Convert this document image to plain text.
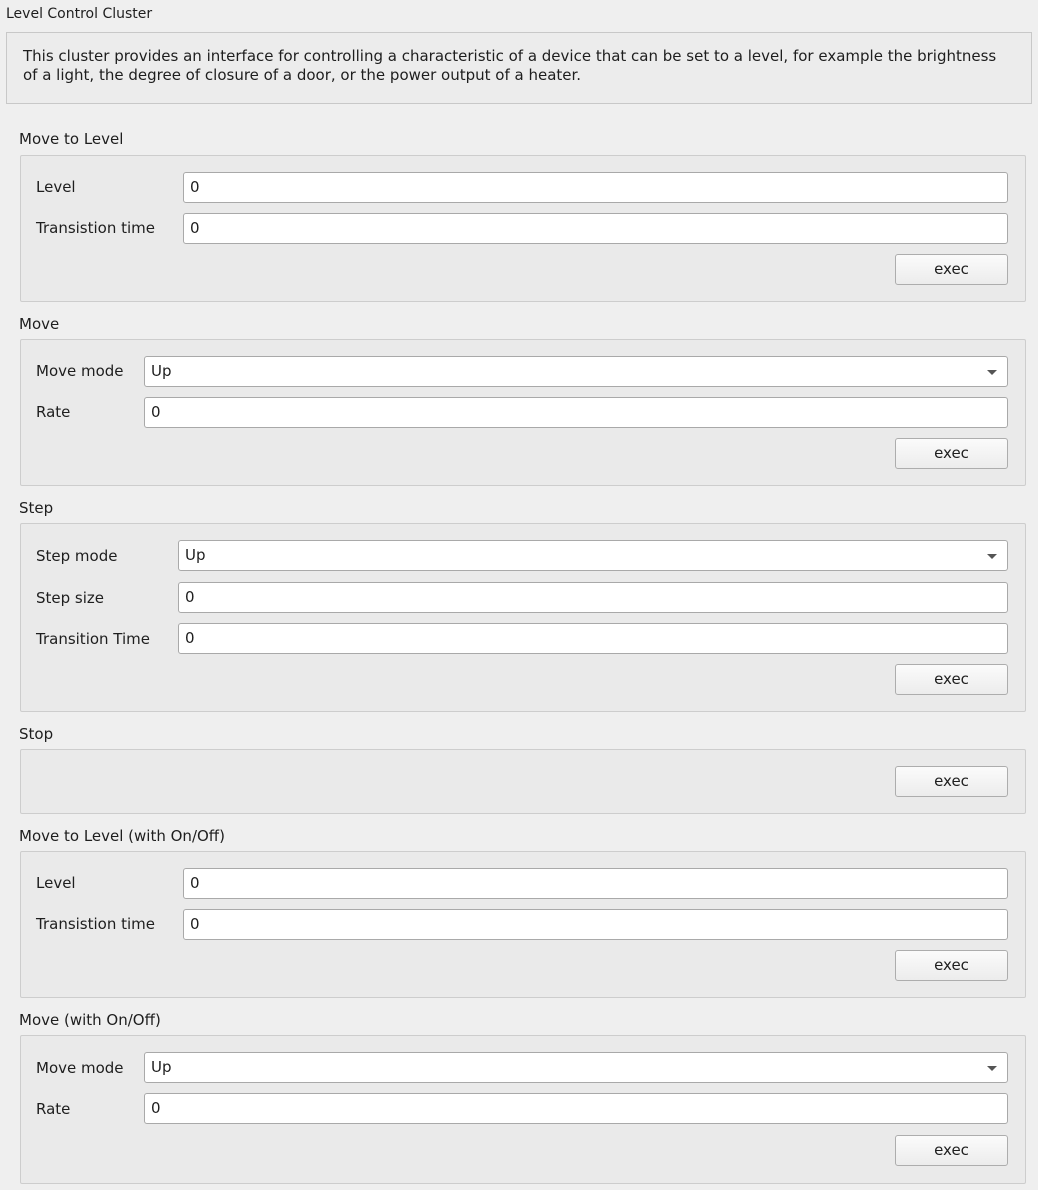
Level Control Cluster
This cluster provides an interface for controlling a characteristic of a device that can be set to a level, for example the brightness of a light, the degree of closure of a door, or the power output of a heater.
Move to Level
Level	0
Transistion time	0
exec
Move
Move mode	Up
Rate	0
exec
Step
Step mode	Up
Step size	0
Transition Time	0
exec
Stop
exec
Move to Level (with On/Off)
Level	0
Transistion time	0
exec
Move (with On/Off)
Move mode	Up
Rate	0
exec
